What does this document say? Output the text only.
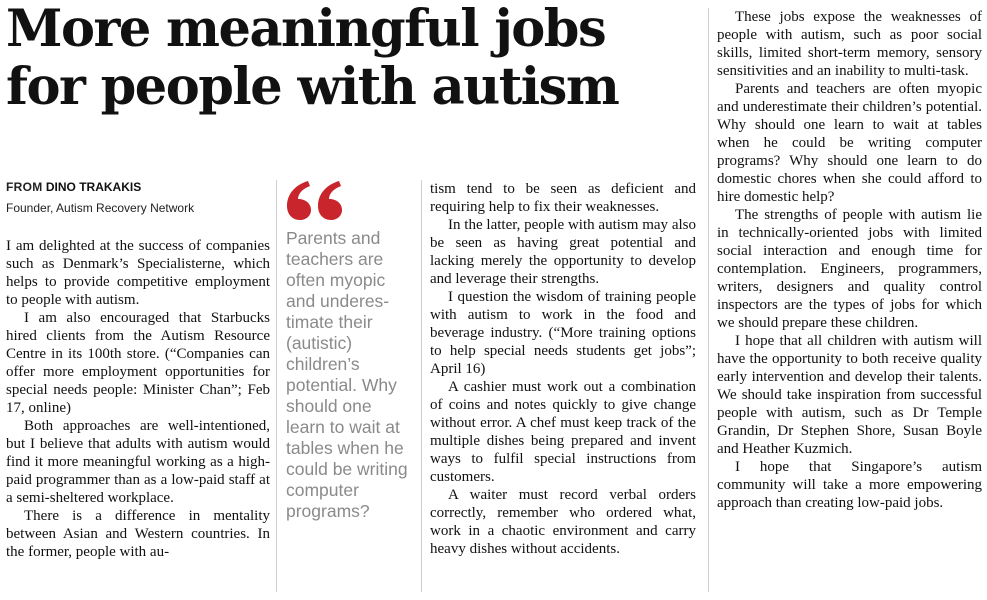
More meaningful jobs
for people with autism
FROM DINO TRAKAKIS
Founder, Autism Recovery Network

I am delighted at the success of companies such as Denmark’s Specialisterne, which helps to provide competitive employment to people with autism.

I am also encouraged that Starbucks hired clients from the Autism Resource Centre in its 100th store. (“Companies can offer more employment opportunities for special needs people: Minister Chan”; Feb 17, online)

Both approaches are well-intentioned, but I believe that adults with autism would find it more meaningful working as a high-paid programmer than as a low-paid staff at a semi-sheltered workplace.

There is a difference in mentality between Asian and Western countries. In the former, people with au-

Parents and teachers are often myopic and underes-timate their (autistic) children’s potential. Why should one learn to wait at tables when he could be writing computer programs?

tism tend to be seen as deficient and requiring help to fix their weaknesses.

In the latter, people with autism may also be seen as having great potential and lacking merely the opportunity to develop and leverage their strengths.

I question the wisdom of training people with autism to work in the food and beverage industry. (“More training options to help special needs students get jobs”; April 16)

A cashier must work out a combination of coins and notes quickly to give change without error. A chef must keep track of the multiple dishes being prepared and invent ways to fulfil special instructions from customers.

A waiter must record verbal orders correctly, remember who ordered what, work in a chaotic environment and carry heavy dishes without accidents.

These jobs expose the weaknesses of people with autism, such as poor social skills, limited short-term memory, sensory sensitivities and an inability to multi-task.

Parents and teachers are often myopic and underestimate their children’s potential. Why should one learn to wait at tables when he could be writing computer programs? Why should one learn to do domestic chores when she could afford to hire domestic help?

The strengths of people with autism lie in technically-oriented jobs with limited social interaction and enough time for contemplation. Engineers, programmers, writers, designers and quality control inspectors are the types of jobs for which we should prepare these children.

I hope that all children with autism will have the opportunity to both receive quality early intervention and develop their talents. We should take inspiration from successful people with autism, such as Dr Temple Grandin, Dr Stephen Shore, Susan Boyle and Heather Kuzmich.

I hope that Singapore’s autism community will take a more empowering approach than creating low-paid jobs.
